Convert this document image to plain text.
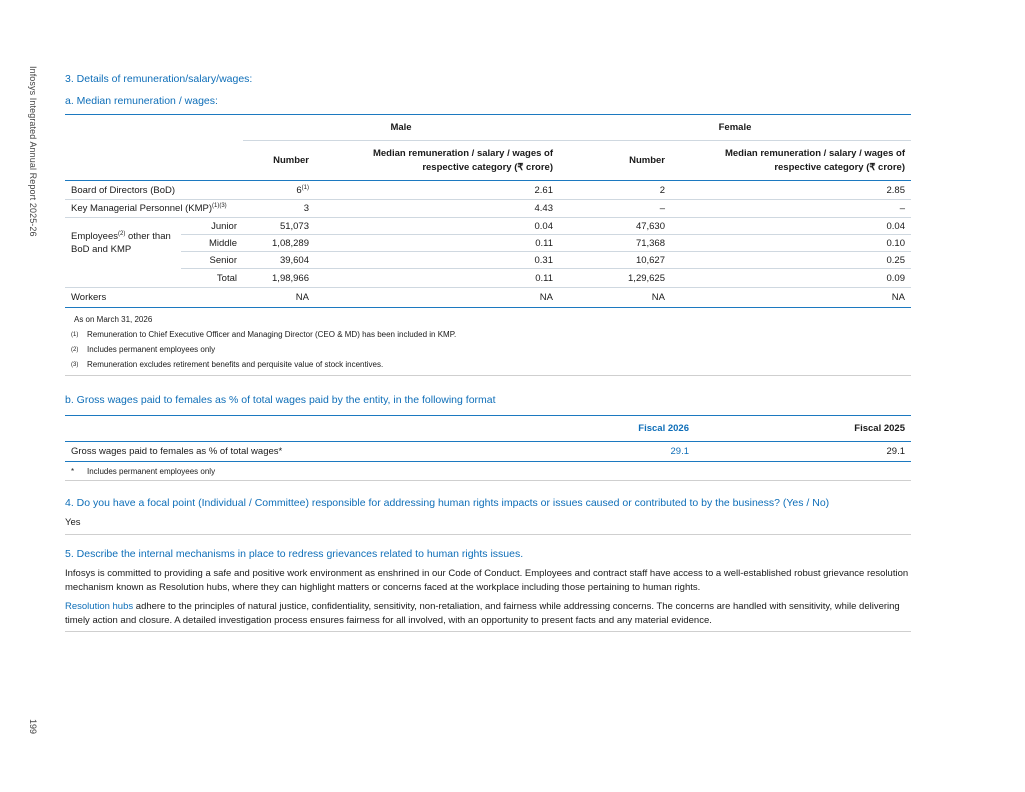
Infosys Integrated Annual Report 2025-26
199
3. Details of remuneration/salary/wages:
a. Median remuneration / wages:
		Male		Female	
		Number	Median remuneration / salary / wages of respective category (₹ crore)	Number	Median remuneration / salary / wages of respective category (₹ crore)

Board of Directors (BoD)		6$^{(1)}$	2.61	2	2.85
Key Managerial Personnel (KMP)$^{(1)(3)}$		3	4.43	–	–
Employees$^{(2)}$ other than BoD and KMP	Junior	51,073	0.04	47,630	0.04
	Middle	1,08,289	0.11	71,368	0.10
	Senior	39,604	0.31	10,627	0.25
	Total	1,98,966	0.11	1,29,625	0.09
Workers		NA	NA	NA	NA
As on March 31, 2026
(1)	Remuneration to Chief Executive Officer and Managing Director (CEO & MD) has been included in KMP.
(2)	Includes permanent employees only
(3)	Remuneration excludes retirement benefits and perquisite value of stock incentives.
b. Gross wages paid to females as % of total wages paid by the entity, in the following format
	Fiscal 2026	Fiscal 2025
Gross wages paid to females as % of total wages*	29.1	29.1
*	Includes permanent employees only
4. Do you have a focal point (Individual / Committee) responsible for addressing human rights impacts or issues caused or contributed to by the business? (Yes / No)
Yes
5. Describe the internal mechanisms in place to redress grievances related to human rights issues.

Infosys is committed to providing a safe and positive work environment as enshrined in our Code of Conduct. Employees and contract staff have access to a well-established robust grievance resolution mechanism known as Resolution hubs, where they can highlight matters or concerns faced at the workplace including those pertaining to human rights.

Resolution hubs adhere to the principles of natural justice, confidentiality, sensitivity, non-retaliation, and fairness while addressing concerns. The concerns are handled with sensitivity, while delivering timely action and closure. A detailed investigation process ensures fairness for all involved, with an opportunity to present facts and any material evidence.
